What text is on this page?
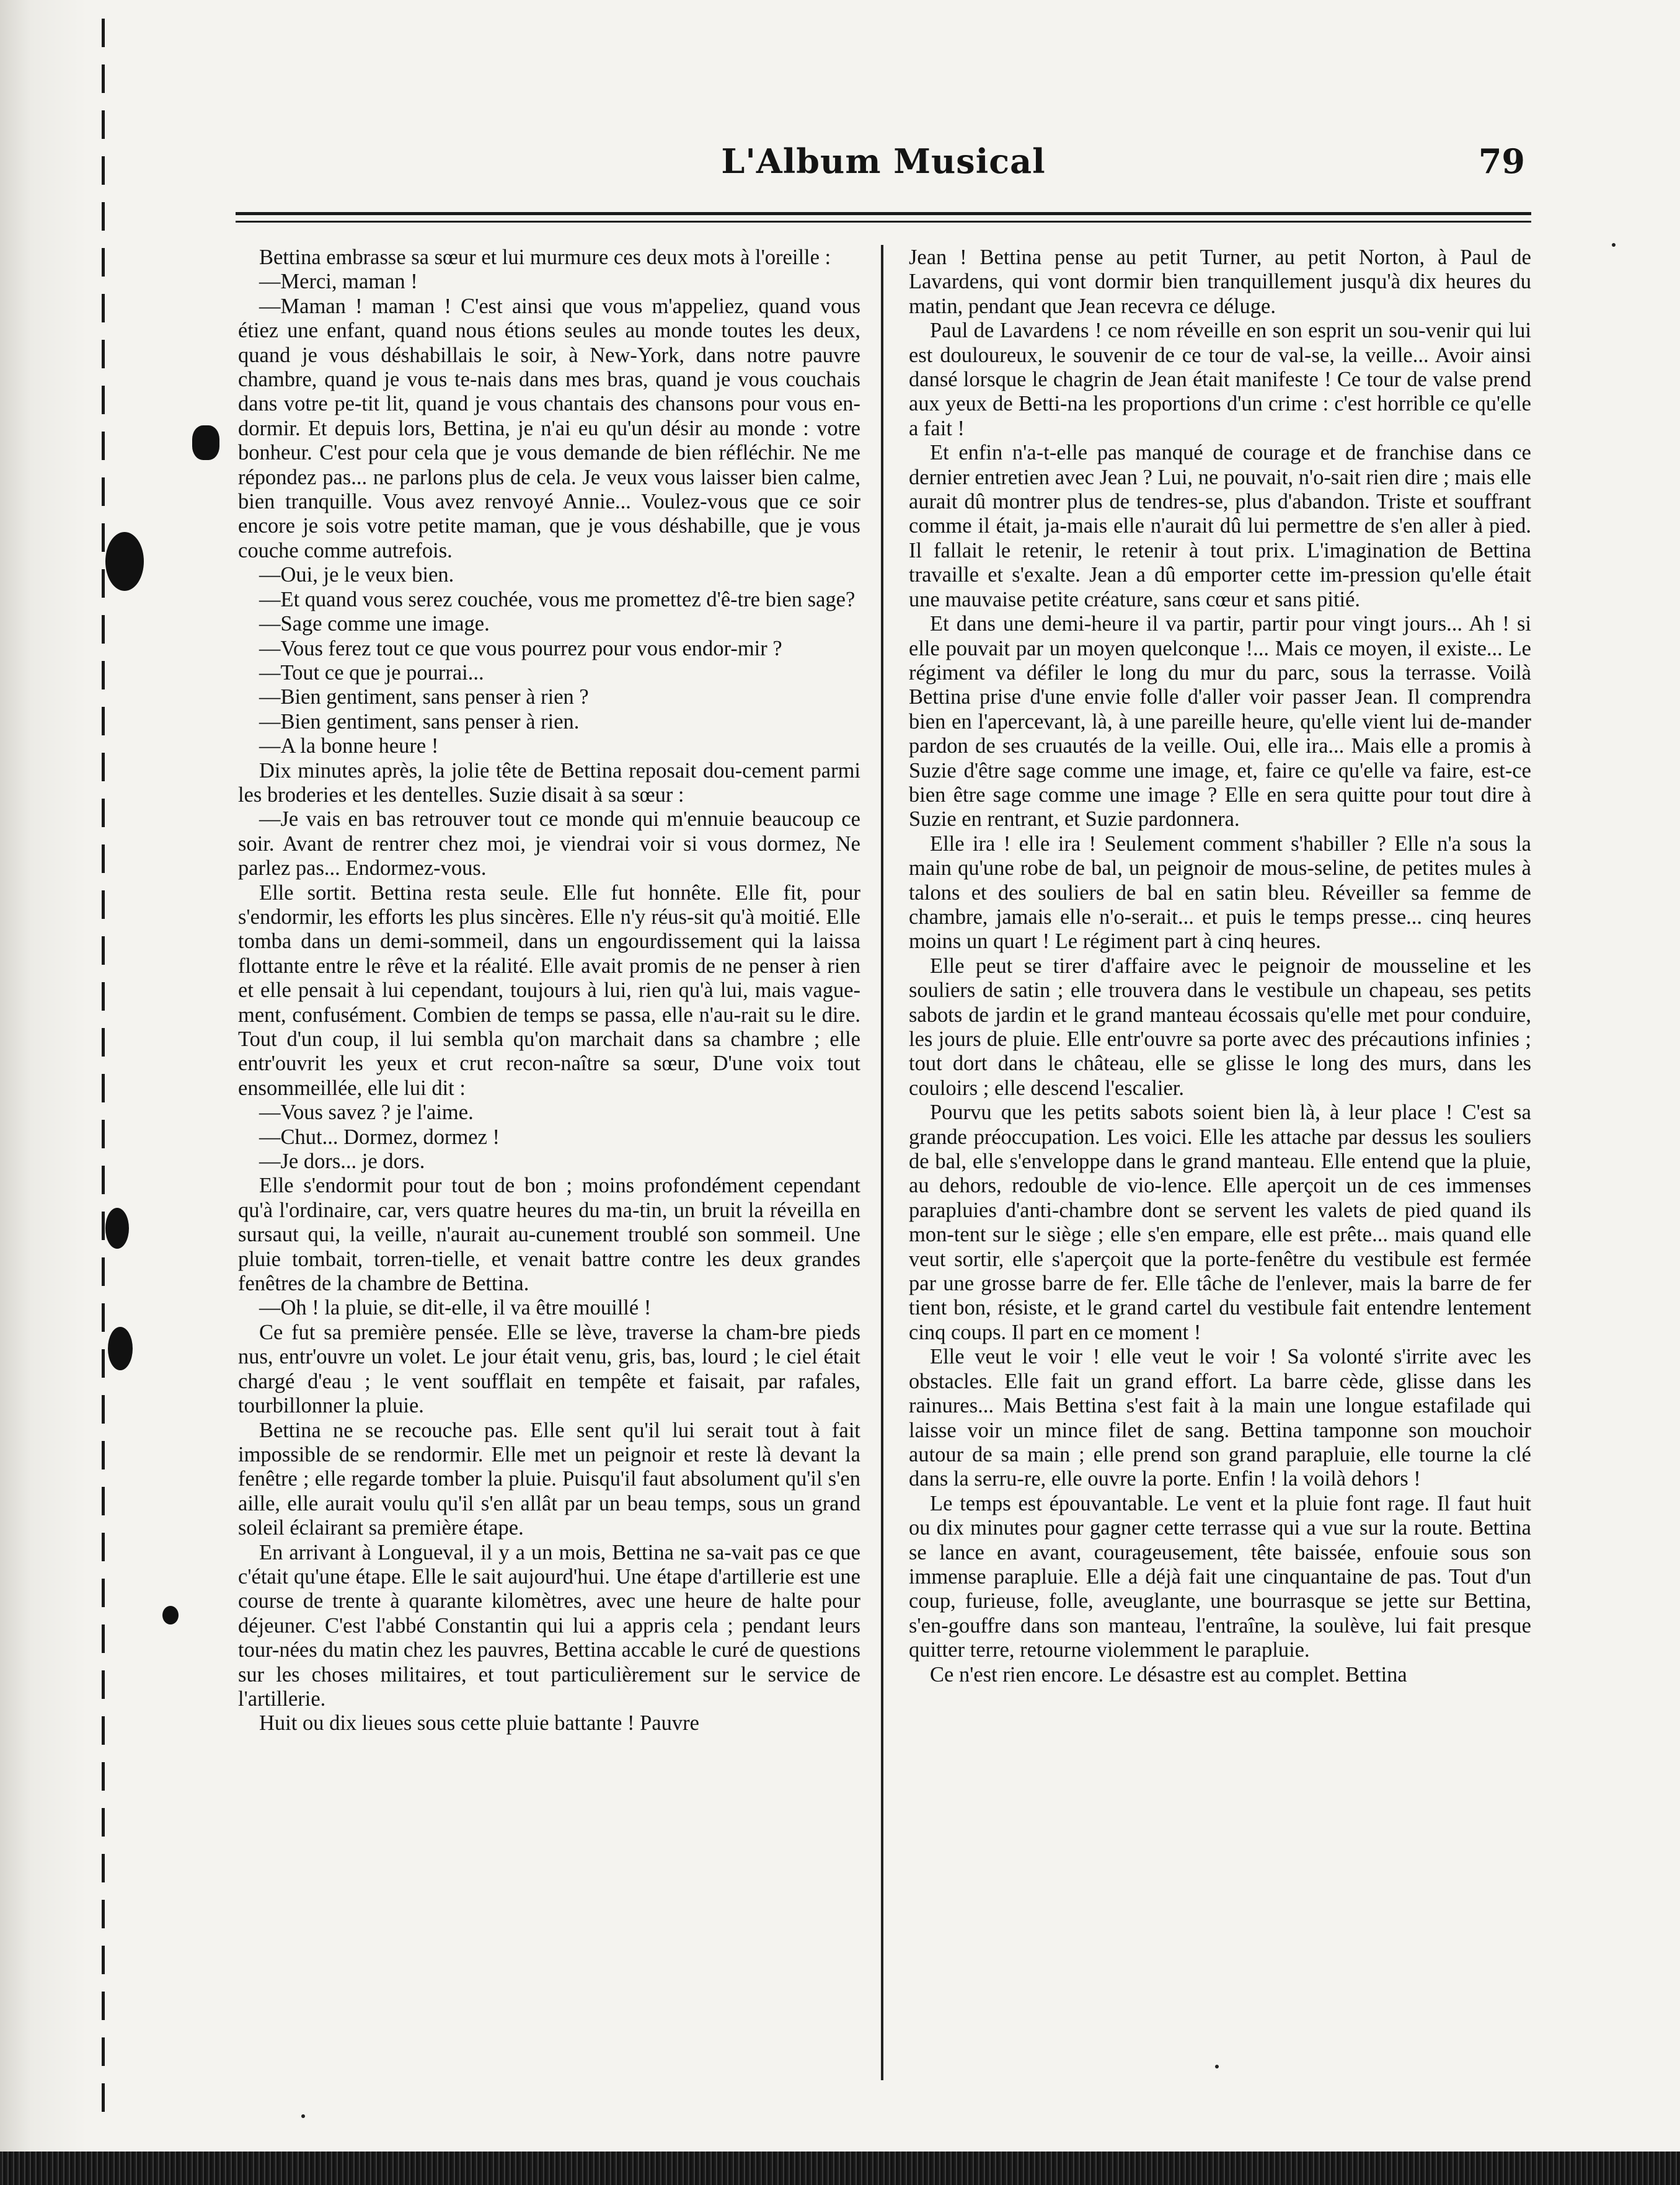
L'Album Musical	79

Bettina embrasse sa sœur et lui murmure ces deux mots à l'oreille :

—Merci, maman !

—Maman ! maman ! C'est ainsi que vous m'appeliez, quand vous étiez une enfant, quand nous étions seules au monde toutes les deux, quand je vous déshabillais le soir, à New-York, dans notre pauvre chambre, quand je vous te-nais dans mes bras, quand je vous couchais dans votre pe-tit lit, quand je vous chantais des chansons pour vous en-dormir. Et depuis lors, Bettina, je n'ai eu qu'un désir au monde : votre bonheur. C'est pour cela que je vous demande de bien réfléchir. Ne me répondez pas... ne parlons plus de cela. Je veux vous laisser bien calme, bien tranquille. Vous avez renvoyé Annie... Voulez-vous que ce soir encore je sois votre petite maman, que je vous déshabille, que je vous couche comme autrefois.

—Oui, je le veux bien.

—Et quand vous serez couchée, vous me promettez d'ê-tre bien sage?

—Sage comme une image.

—Vous ferez tout ce que vous pourrez pour vous endor-mir ?

—Tout ce que je pourrai...

—Bien gentiment, sans penser à rien ?

—Bien gentiment, sans penser à rien.

—A la bonne heure !

Dix minutes après, la jolie tête de Bettina reposait dou-cement parmi les broderies et les dentelles. Suzie disait à sa sœur :

—Je vais en bas retrouver tout ce monde qui m'ennuie beaucoup ce soir. Avant de rentrer chez moi, je viendrai voir si vous dormez, Ne parlez pas... Endormez-vous.

Elle sortit. Bettina resta seule. Elle fut honnête. Elle fit, pour s'endormir, les efforts les plus sincères. Elle n'y réus-sit qu'à moitié. Elle tomba dans un demi-sommeil, dans un engourdissement qui la laissa flottante entre le rêve et la réalité. Elle avait promis de ne penser à rien et elle pensait à lui cependant, toujours à lui, rien qu'à lui, mais vague-ment, confusément. Combien de temps se passa, elle n'au-rait su le dire. Tout d'un coup, il lui sembla qu'on marchait dans sa chambre ; elle entr'ouvrit les yeux et crut recon-naître sa sœur, D'une voix tout ensommeillée, elle lui dit :

—Vous savez ? je l'aime.

—Chut... Dormez, dormez !

—Je dors... je dors.

Elle s'endormit pour tout de bon ; moins profondément cependant qu'à l'ordinaire, car, vers quatre heures du ma-tin, un bruit la réveilla en sursaut qui, la veille, n'aurait au-cunement troublé son sommeil. Une pluie tombait, torren-tielle, et venait battre contre les deux grandes fenêtres de la chambre de Bettina.

—Oh ! la pluie, se dit-elle, il va être mouillé !

Ce fut sa première pensée. Elle se lève, traverse la cham-bre pieds nus, entr'ouvre un volet. Le jour était venu, gris, bas, lourd ; le ciel était chargé d'eau ; le vent soufflait en tempête et faisait, par rafales, tourbillonner la pluie.

Bettina ne se recouche pas. Elle sent qu'il lui serait tout à fait impossible de se rendormir. Elle met un peignoir et reste là devant la fenêtre ; elle regarde tomber la pluie. Puisqu'il faut absolument qu'il s'en aille, elle aurait voulu qu'il s'en allât par un beau temps, sous un grand soleil éclairant sa première étape.

En arrivant à Longueval, il y a un mois, Bettina ne sa-vait pas ce que c'était qu'une étape. Elle le sait aujourd'hui. Une étape d'artillerie est une course de trente à quarante kilomètres, avec une heure de halte pour déjeuner. C'est l'abbé Constantin qui lui a appris cela ; pendant leurs tour-nées du matin chez les pauvres, Bettina accable le curé de questions sur les choses militaires, et tout particulièrement sur le service de l'artillerie.

Huit ou dix lieues sous cette pluie battante ! Pauvre

Jean ! Bettina pense au petit Turner, au petit Norton, à Paul de Lavardens, qui vont dormir bien tranquillement jusqu'à dix heures du matin, pendant que Jean recevra ce déluge.

Paul de Lavardens ! ce nom réveille en son esprit un sou-venir qui lui est douloureux, le souvenir de ce tour de val-se, la veille... Avoir ainsi dansé lorsque le chagrin de Jean était manifeste ! Ce tour de valse prend aux yeux de Betti-na les proportions d'un crime : c'est horrible ce qu'elle a fait !

Et enfin n'a-t-elle pas manqué de courage et de franchise dans ce dernier entretien avec Jean ? Lui, ne pouvait, n'o-sait rien dire ; mais elle aurait dû montrer plus de tendres-se, plus d'abandon. Triste et souffrant comme il était, ja-mais elle n'aurait dû lui permettre de s'en aller à pied. Il fallait le retenir, le retenir à tout prix. L'imagination de Bettina travaille et s'exalte. Jean a dû emporter cette im-pression qu'elle était une mauvaise petite créature, sans cœur et sans pitié.

Et dans une demi-heure il va partir, partir pour vingt jours... Ah ! si elle pouvait par un moyen quelconque !... Mais ce moyen, il existe... Le régiment va défiler le long du mur du parc, sous la terrasse. Voilà Bettina prise d'une envie folle d'aller voir passer Jean. Il comprendra bien en l'apercevant, là, à une pareille heure, qu'elle vient lui de-mander pardon de ses cruautés de la veille. Oui, elle ira... Mais elle a promis à Suzie d'être sage comme une image, et, faire ce qu'elle va faire, est-ce bien être sage comme une image ? Elle en sera quitte pour tout dire à Suzie en rentrant, et Suzie pardonnera.

Elle ira ! elle ira ! Seulement comment s'habiller ? Elle n'a sous la main qu'une robe de bal, un peignoir de mous-seline, de petites mules à talons et des souliers de bal en satin bleu. Réveiller sa femme de chambre, jamais elle n'o-serait... et puis le temps presse... cinq heures moins un quart ! Le régiment part à cinq heures.

Elle peut se tirer d'affaire avec le peignoir de mousseline et les souliers de satin ; elle trouvera dans le vestibule un chapeau, ses petits sabots de jardin et le grand manteau écossais qu'elle met pour conduire, les jours de pluie. Elle entr'ouvre sa porte avec des précautions infinies ; tout dort dans le château, elle se glisse le long des murs, dans les couloirs ; elle descend l'escalier.

Pourvu que les petits sabots soient bien là, à leur place ! C'est sa grande préoccupation. Les voici. Elle les attache par dessus les souliers de bal, elle s'enveloppe dans le grand manteau. Elle entend que la pluie, au dehors, redouble de vio-lence. Elle aperçoit un de ces immenses parapluies d'anti-chambre dont se servent les valets de pied quand ils mon-tent sur le siège ; elle s'en empare, elle est prête... mais quand elle veut sortir, elle s'aperçoit que la porte-fenêtre du vestibule est fermée par une grosse barre de fer. Elle tâche de l'enlever, mais la barre de fer tient bon, résiste, et le grand cartel du vestibule fait entendre lentement cinq coups. Il part en ce moment !

Elle veut le voir ! elle veut le voir ! Sa volonté s'irrite avec les obstacles. Elle fait un grand effort. La barre cède, glisse dans les rainures... Mais Bettina s'est fait à la main une longue estafilade qui laisse voir un mince filet de sang. Bettina tamponne son mouchoir autour de sa main ; elle prend son grand parapluie, elle tourne la clé dans la serru-re, elle ouvre la porte. Enfin ! la voilà dehors !

Le temps est épouvantable. Le vent et la pluie font rage. Il faut huit ou dix minutes pour gagner cette terrasse qui a vue sur la route. Bettina se lance en avant, courageusement, tête baissée, enfouie sous son immense parapluie. Elle a déjà fait une cinquantaine de pas. Tout d'un coup, furieuse, folle, aveuglante, une bourrasque se jette sur Bettina, s'en-gouffre dans son manteau, l'entraîne, la soulève, lui fait presque quitter terre, retourne violemment le parapluie.

Ce n'est rien encore. Le désastre est au complet. Bettina
